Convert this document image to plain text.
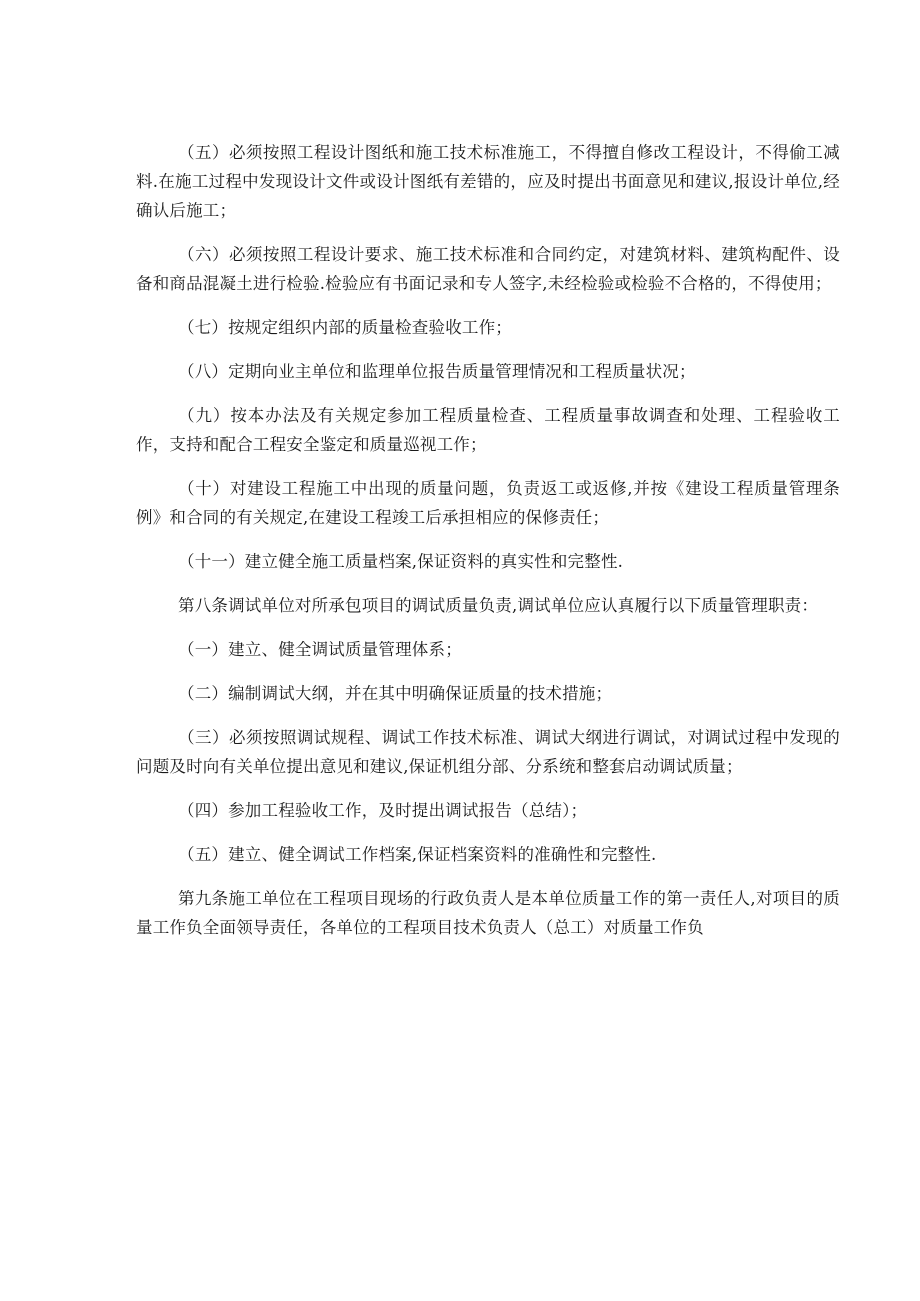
（五）必须按照工程设计图纸和施工技术标准施工，不得擅自修改工程设计，不得偷工减料.在施工过程中发现设计文件或设计图纸有差错的，应及时提出书面意见和建议,报设计单位,经确认后施工；

（六）必须按照工程设计要求、施工技术标准和合同约定，对建筑材料、建筑构配件、设备和商品混凝土进行检验.检验应有书面记录和专人签字,未经检验或检验不合格的，不得使用；

（七）按规定组织内部的质量检查验收工作；

（八）定期向业主单位和监理单位报告质量管理情况和工程质量状况；

（九）按本办法及有关规定参加工程质量检查、工程质量事故调查和处理、工程验收工作，支持和配合工程安全鉴定和质量巡视工作；

（十）对建设工程施工中出现的质量问题，负责返工或返修,并按《建设工程质量管理条例》和合同的有关规定,在建设工程竣工后承担相应的保修责任；

（十一）建立健全施工质量档案,保证资料的真实性和完整性.

第八条调试单位对所承包项目的调试质量负责,调试单位应认真履行以下质量管理职责：

（一）建立、健全调试质量管理体系；

（二）编制调试大纲，并在其中明确保证质量的技术措施；

（三）必须按照调试规程、调试工作技术标准、调试大纲进行调试，对调试过程中发现的问题及时向有关单位提出意见和建议,保证机组分部、分系统和整套启动调试质量；

（四）参加工程验收工作，及时提出调试报告（总结）；

（五）建立、健全调试工作档案,保证档案资料的准确性和完整性.

第九条施工单位在工程项目现场的行政负责人是本单位质量工作的第一责任人,对项目的质量工作负全面领导责任，各单位的工程项目技术负责人（总工）对质量工作负
